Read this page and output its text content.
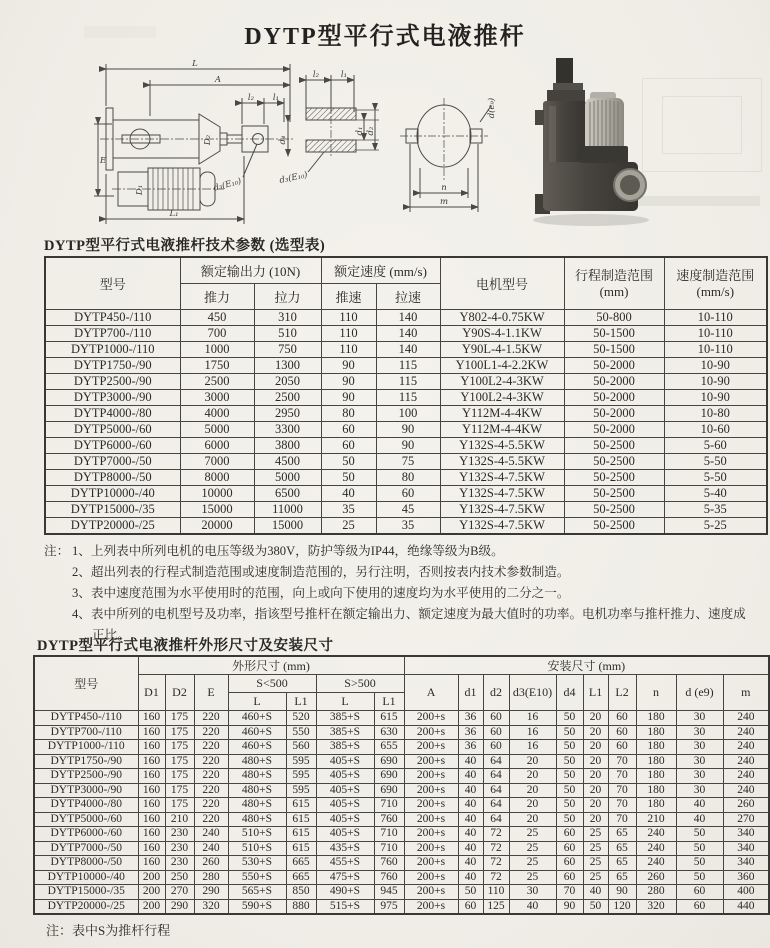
DYTP型平行式电液推杆
L
A
l₂ l₁
E
D₂	d₄
d₃(E₁₀)
D₁
L₁
l₂	l₁
d₃(E₁₀)
d₁ d₂
n
m
d(e₉)
DYTP型平行式电液推杆技术参数 (选型表)
型号	额定输出力 (10N)		额定速度 (mm/s)		电机型号	行程制造范围
(mm)	速度制造范围
(mm/s)

	推力	拉力	推速	拉速			
DYTP450-/110	450	310	110	140	Y802-4-0.75KW	50-800	10-110
DYTP700-/110	700	510	110	140	Y90S-4-1.1KW	50-1500	10-110
DYTP1000-/110	1000	750	110	140	Y90L-4-1.5KW	50-1500	10-110
DYTP1750-/90	1750	1300	90	115	Y100L1-4-2.2KW	50-2000	10-90
DYTP2500-/90	2500	2050	90	115	Y100L2-4-3KW	50-2000	10-90
DYTP3000-/90	3000	2500	90	115	Y100L2-4-3KW	50-2000	10-90
DYTP4000-/80	4000	2950	80	100	Y112M-4-4KW	50-2000	10-80
DYTP5000-/60	5000	3300	60	90	Y112M-4-4KW	50-2000	10-60
DYTP6000-/60	6000	3800	60	90	Y132S-4-5.5KW	50-2500	5-60
DYTP7000-/50	7000	4500	50	75	Y132S-4-5.5KW	50-2500	5-50
DYTP8000-/50	8000	5000	50	80	Y132S-4-7.5KW	50-2500	5-50
DYTP10000-/40	10000	6500	40	60	Y132S-4-7.5KW	50-2500	5-40
DYTP15000-/35	15000	11000	35	45	Y132S-4-7.5KW	50-2500	5-35
DYTP20000-/25	20000	15000	25	35	Y132S-4-7.5KW	50-2500	5-25
注： 1、上列表中所列电机的电压等级为380V，防护等级为IP44，绝缘等级为B级。
2、超出列表的行程式制造范围或速度制造范围的，另行注明，否则按表内技术参数制造。
3、表中速度范围为水平使用时的范围，向上或向下使用的速度均为水平使用的二分之一。
4、表中所列的电机型号及功率，指该型号推杆在额定输出力、额定速度为最大值时的功率。电机功率与推杆推力、速度成正比。
DYTP型平行式电液推杆外形尺寸及安装尺寸
型号	外形尺寸 (mm)							安装尺寸 (mm)									
	D1	D2	E	S<500		S>500		A	d1	d2	d3(E10)	d4	L1	L2	n	d (e9)	m
				L	L1	L	L1										
DYTP450-/110	160	175	220	460+S	520	385+S	615	200+s	36	60	16	50	20	60	180	30	240
DYTP700-/110	160	175	220	460+S	550	385+S	630	200+s	36	60	16	50	20	60	180	30	240
DYTP1000-/110	160	175	220	460+S	560	385+S	655	200+s	36	60	16	50	20	60	180	30	240
DYTP1750-/90	160	175	220	480+S	595	405+S	690	200+s	40	64	20	50	20	70	180	30	240
DYTP2500-/90	160	175	220	480+S	595	405+S	690	200+s	40	64	20	50	20	70	180	30	240
DYTP3000-/90	160	175	220	480+S	595	405+S	690	200+s	40	64	20	50	20	70	180	30	240
DYTP4000-/80	160	175	220	480+S	615	405+S	710	200+s	40	64	20	50	20	70	180	40	260
DYTP5000-/60	160	210	220	480+S	615	405+S	760	200+s	40	64	20	50	20	70	210	40	270
DYTP6000-/60	160	230	240	510+S	615	405+S	710	200+s	40	72	25	60	25	65	240	50	340
DYTP7000-/50	160	230	240	510+S	615	435+S	710	200+s	40	72	25	60	25	65	240	50	340
DYTP8000-/50	160	230	260	530+S	665	455+S	760	200+s	40	72	25	60	25	65	240	50	340
DYTP10000-/40	200	250	280	550+S	665	475+S	760	200+s	40	72	25	60	25	65	260	50	360
DYTP15000-/35	200	270	290	565+S	850	490+S	945	200+s	50	110	30	70	40	90	280	60	400
DYTP20000-/25	200	290	320	590+S	880	515+S	975	200+s	60	125	40	90	50	120	320	60	440
注：表中S为推杆行程
